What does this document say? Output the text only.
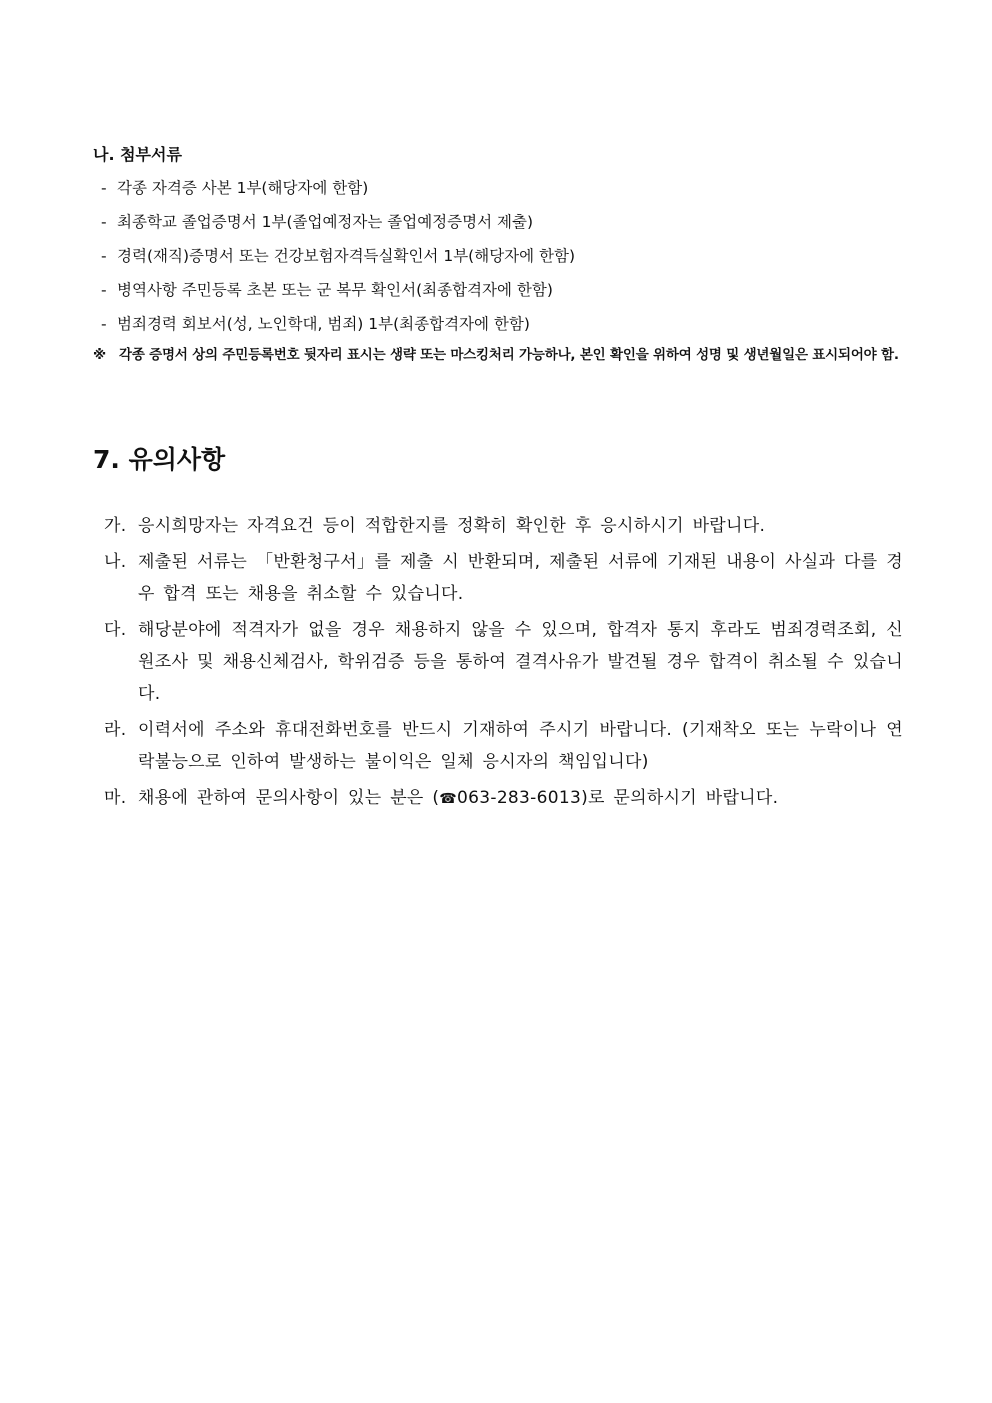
나. 첨부서류
- 각종 자격증 사본 1부(해당자에 한함)
- 최종학교 졸업증명서 1부(졸업예정자는 졸업예정증명서 제출)
- 경력(재직)증명서 또는 건강보험자격득실확인서 1부(해당자에 한함)
- 병역사항 주민등록 초본 또는 군 복무 확인서(최종합격자에 한함)
- 범죄경력 회보서(성, 노인학대, 범죄) 1부(최종합격자에 한함)
※ 각종 증명서 상의 주민등록번호 뒷자리 표시는 생략 또는 마스킹처리 가능하나, 본인 확인을 위하여 성명 및 생년월일은 표시되어야 함.
7. 유의사항
가. 응시희망자는 자격요건 등이 적합한지를 정확히 확인한 후 응시하시기 바랍니다.
나. 제출된 서류는 「반환청구서」를 제출 시 반환되며, 제출된 서류에 기재된 내용이 사실과 다를 경우 합격 또는 채용을 취소할 수 있습니다.
다. 해당분야에 적격자가 없을 경우 채용하지 않을 수 있으며, 합격자 통지 후라도 범죄경력조회, 신원조사 및 채용신체검사, 학위검증 등을 통하여 결격사유가 발견될 경우 합격이 취소될 수 있습니다.
라. 이력서에 주소와 휴대전화번호를 반드시 기재하여 주시기 바랍니다. (기재착오 또는 누락이나 연락불능으로 인하여 발생하는 불이익은 일체 응시자의 책임입니다)
마. 채용에 관하여 문의사항이 있는 분은 (☎063-283-6013)로 문의하시기 바랍니다.
